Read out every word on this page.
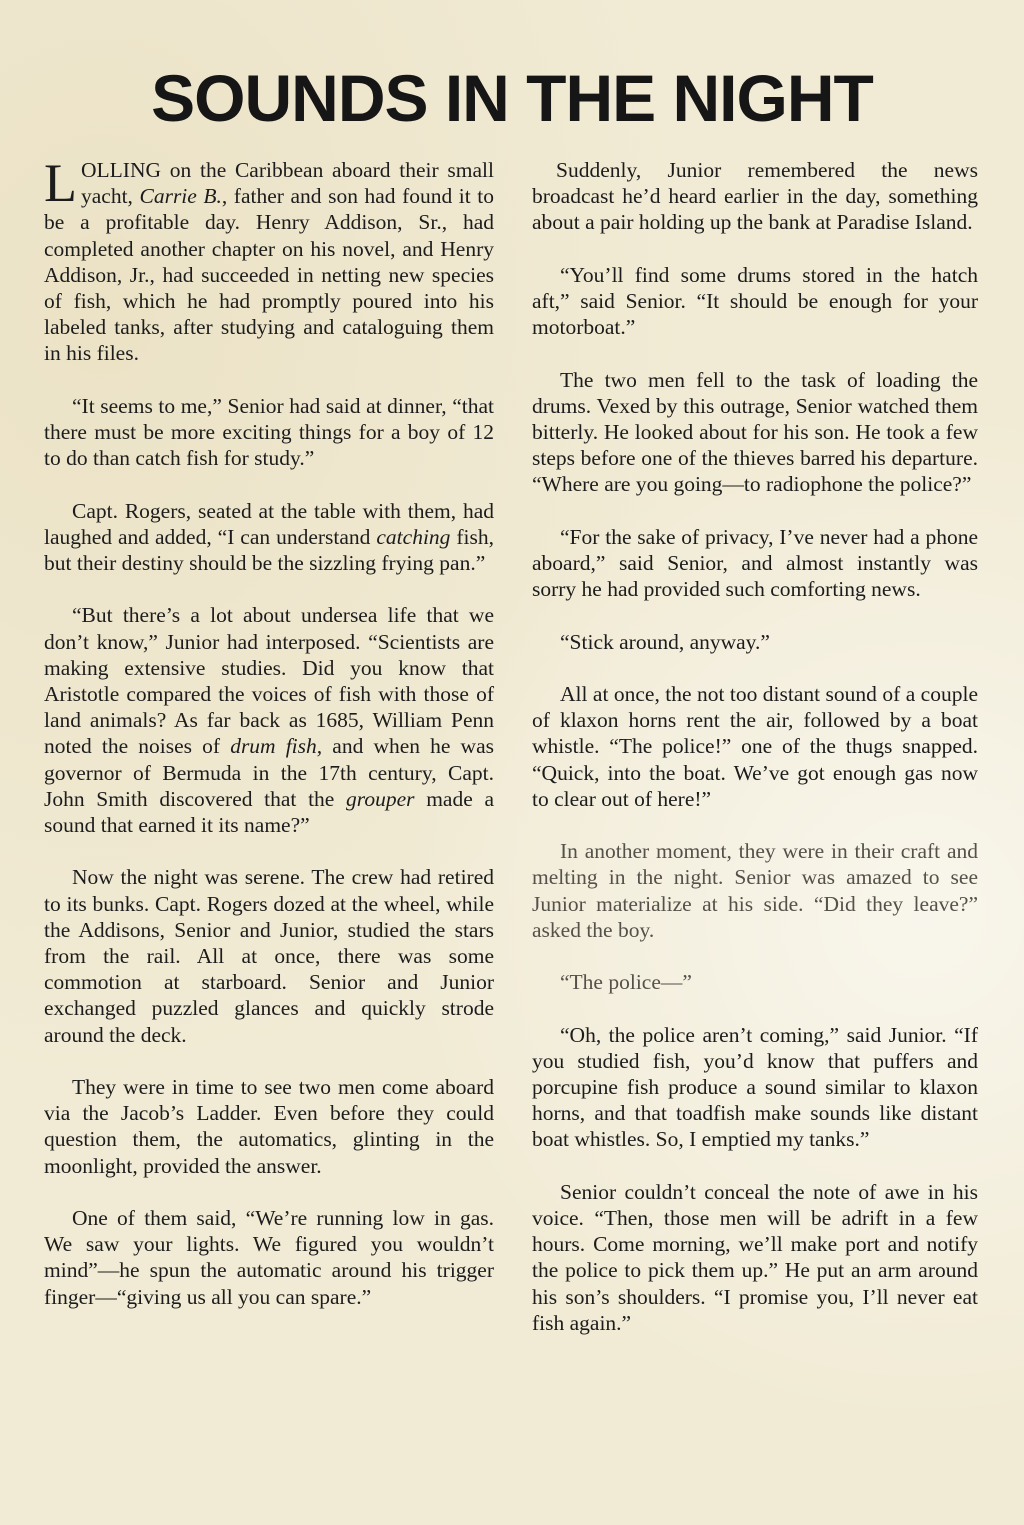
SOUNDS IN THE NIGHT

LOLLING on the Caribbean aboard their small yacht, Carrie B., father and son had found it to be a profitable day. Henry Addison, Sr., had completed another chapter on his novel, and Henry Addison, Jr., had succeeded in netting new species of fish, which he had promptly poured into his labeled tanks, after studying and cataloguing them in his files.

“It seems to me,” Senior had said at dinner, “that there must be more exciting things for a boy of 12 to do than catch fish for study.”

Capt. Rogers, seated at the table with them, had laughed and added, “I can understand catching fish, but their destiny should be the sizzling frying pan.”

“But there’s a lot about undersea life that we don’t know,” Junior had interposed. “Scientists are making extensive studies. Did you know that Aristotle compared the voices of fish with those of land animals? As far back as 1685, William Penn noted the noises of drum fish, and when he was governor of Bermuda in the 17th century, Capt. John Smith discovered that the grouper made a sound that earned it its name?”

Now the night was serene. The crew had retired to its bunks. Capt. Rogers dozed at the wheel, while the Addisons, Senior and Junior, studied the stars from the rail. All at once, there was some commotion at starboard. Senior and Junior exchanged puzzled glances and quickly strode around the deck.

They were in time to see two men come aboard via the Jacob’s Ladder. Even before they could question them, the automatics, glinting in the moonlight, provided the answer.

One of them said, “We’re running low in gas. We saw your lights. We figured you wouldn’t mind”—he spun the automatic around his trigger finger—“giving us all you can spare.”

Suddenly, Junior remembered the news broadcast he’d heard earlier in the day, something about a pair holding up the bank at Paradise Island.

“You’ll find some drums stored in the hatch aft,” said Senior. “It should be enough for your motorboat.”

The two men fell to the task of loading the drums. Vexed by this outrage, Senior watched them bitterly. He looked about for his son. He took a few steps before one of the thieves barred his departure. “Where are you going—to radiophone the police?”

“For the sake of privacy, I’ve never had a phone aboard,” said Senior, and almost instantly was sorry he had provided such comforting news.

“Stick around, anyway.”

All at once, the not too distant sound of a couple of klaxon horns rent the air, followed by a boat whistle. “The police!” one of the thugs snapped. “Quick, into the boat. We’ve got enough gas now to clear out of here!”

In another moment, they were in their craft and melting in the night. Senior was amazed to see Junior materialize at his side. “Did they leave?” asked the boy.

“The police—”

“Oh, the police aren’t coming,” said Junior. “If you studied fish, you’d know that puffers and porcupine fish produce a sound similar to klaxon horns, and that toadfish make sounds like distant boat whistles. So, I emptied my tanks.”

Senior couldn’t conceal the note of awe in his voice. “Then, those men will be adrift in a few hours. Come morning, we’ll make port and notify the police to pick them up.” He put an arm around his son’s shoulders. “I promise you, I’ll never eat fish again.”
